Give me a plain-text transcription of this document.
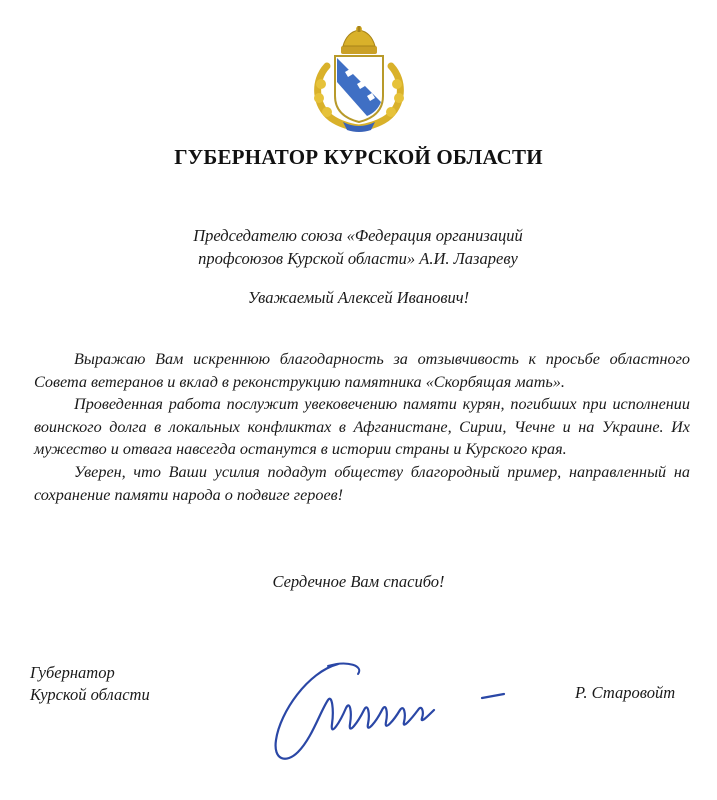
ГУБЕРНАТОР КУРСКОЙ ОБЛАСТИ
Председателю союза «Федерация организаций
профсоюзов Курской области» А.И. Лазареву
Уважаемый Алексей Иванович!

Выражаю Вам искреннюю благодарность за отзывчивость к просьбе областного Совета ветеранов и вклад в реконструкцию памятника «Скорбящая мать».

Проведенная работа послужит увековечению памяти курян, погибших при исполнении воинского долга в локальных конфликтах в Афганистане, Сирии, Чечне и на Украине. Их мужество и отвага навсегда останутся в истории страны и Курского края.

Уверен, что Ваши усилия подадут обществу благородный пример, направленный на сохранение памяти народа о подвиге героев!

Сердечное Вам спасибо!
Губернатор
Курской области	Р. Старовойт
